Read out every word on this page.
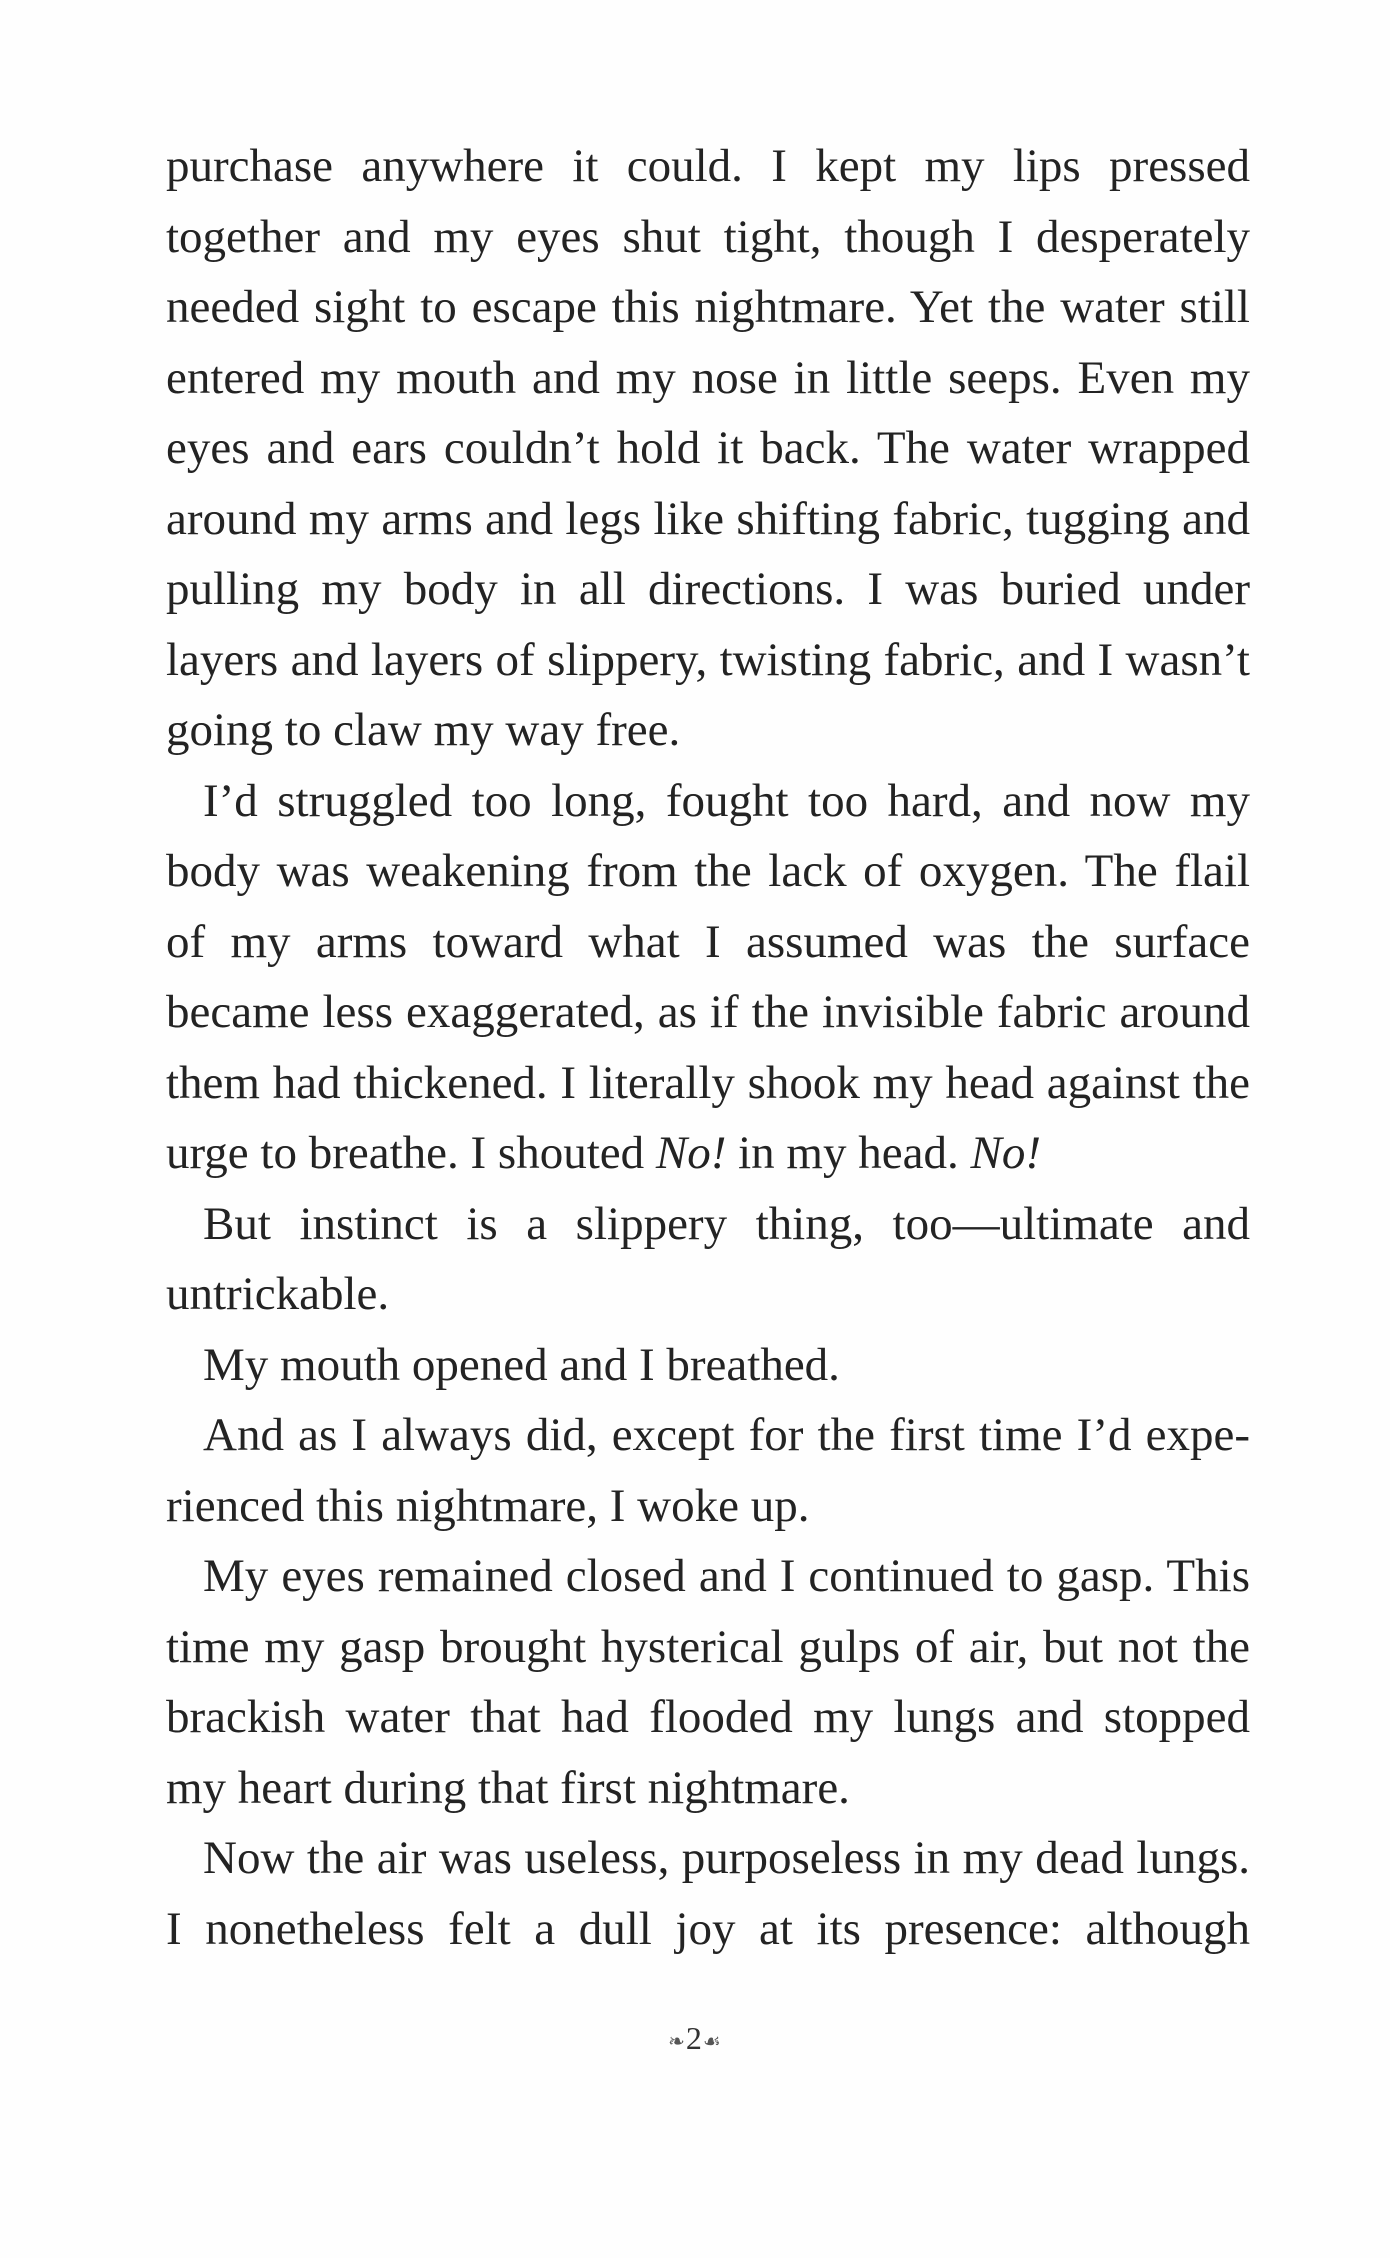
purchase anywhere it could. I kept my lips pressed together and my eyes shut tight, though I desperately needed sight to escape this nightmare. Yet the water still entered my mouth and my nose in little seeps. Even my eyes and ears couldn’t hold it back. The water wrapped around my arms and legs like shifting fabric, tugging and pulling my body in all directions. I was buried under layers and layers of slippery, twisting fabric, and I wasn’t going to claw my way free.

I’d struggled too long, fought too hard, and now my body was weakening from the lack of oxygen. The flail of my arms toward what I assumed was the surface became less exaggerated, as if the invisible fabric around them had thickened. I literally shook my head against the urge to breathe. I shouted No! in my head. No!

But instinct is a slippery thing, too—ultimate and untrickable.

My mouth opened and I breathed.

And as I always did, except for the first time I’d experienced this nightmare, I woke up.

My eyes remained closed and I continued to gasp. This time my gasp brought hysterical gulps of air, but not the brackish water that had flooded my lungs and stopped my heart during that first nightmare.

Now the air was useless, purposeless in my dead lungs. I nonetheless felt a dull joy at its presence: although

❧2☙
